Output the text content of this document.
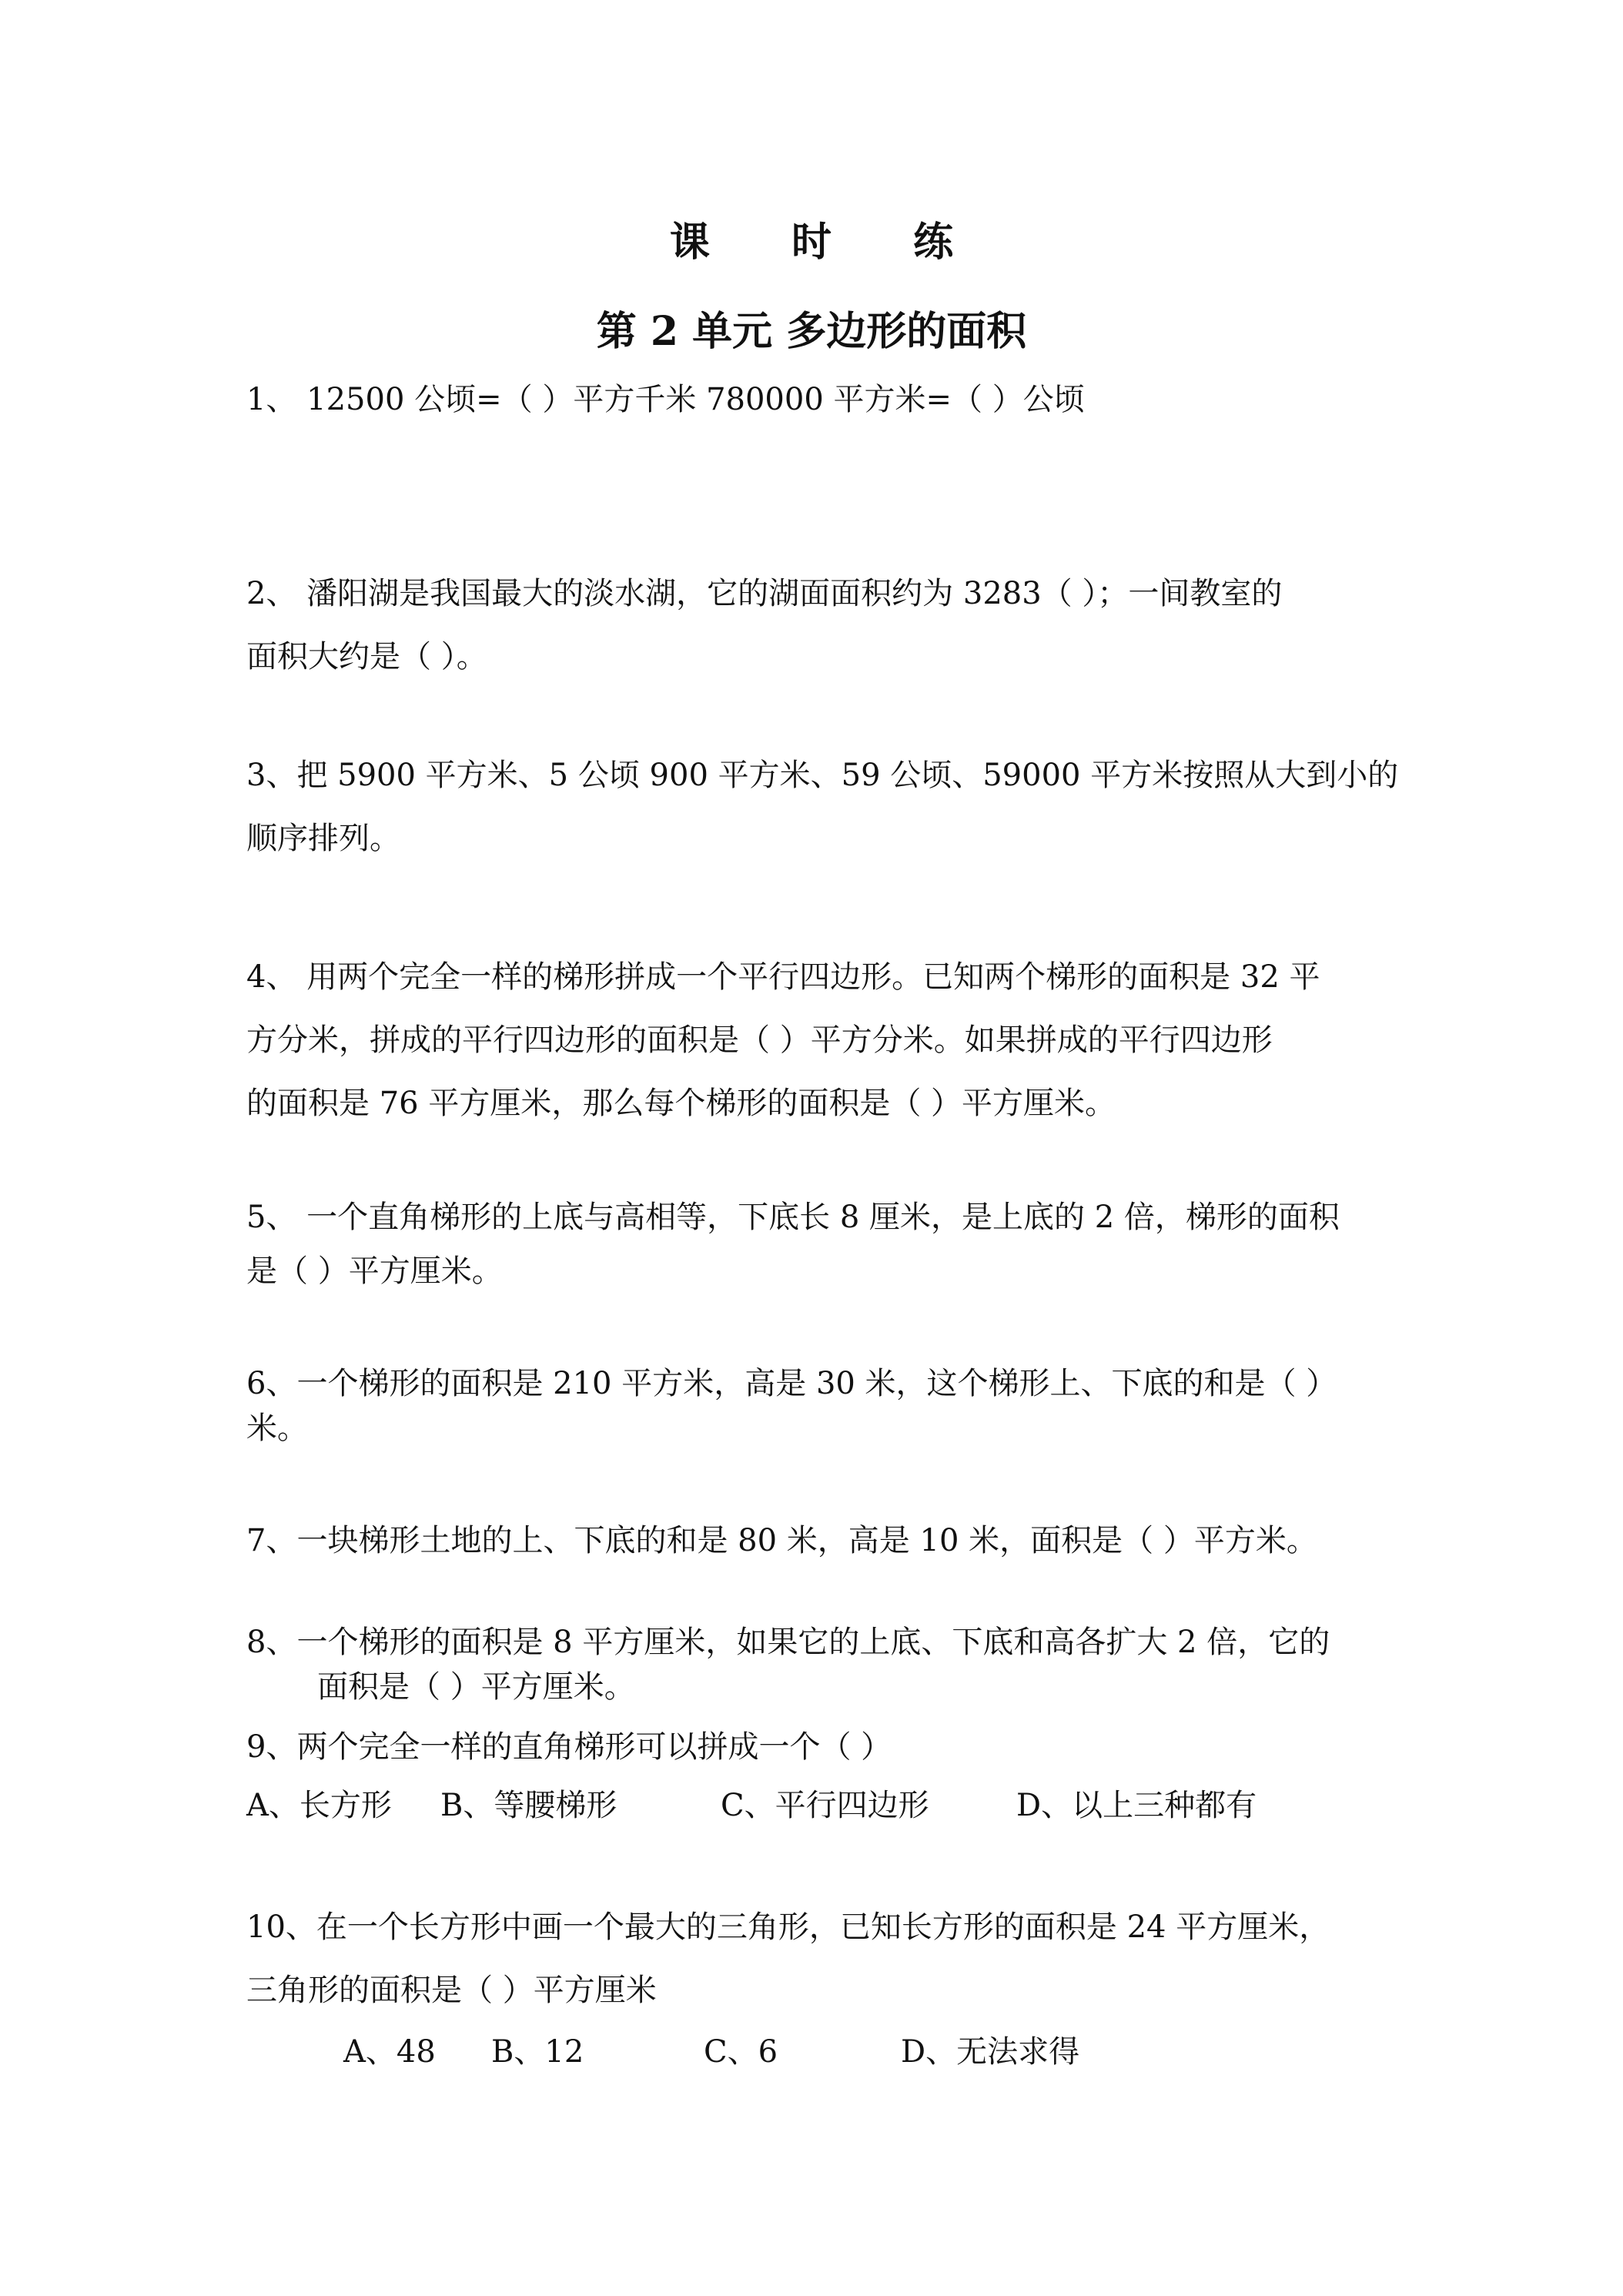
课 时 练
第 2 单元 多边形的面积
1、 12500 公顷=（ ）平方千米 780000 平方米=（ ）公顷
2、 潘阳湖是我国最大的淡水湖，它的湖面面积约为 3283（ ）；一间教室的
面积大约是（ ）。
3、把 5900 平方米、5 公顷 900 平方米、59 公顷、59000 平方米按照从大到小的
顺序排列。
4、 用两个完全一样的梯形拼成一个平行四边形。已知两个梯形的面积是 32 平
方分米，拼成的平行四边形的面积是（ ）平方分米。如果拼成的平行四边形
的面积是 76 平方厘米，那么每个梯形的面积是（ ）平方厘米。
5、 一个直角梯形的上底与高相等，下底长 8 厘米，是上底的 2 倍，梯形的面积
是（ ）平方厘米。
6、一个梯形的面积是 210 平方米，高是 30 米，这个梯形上、下底的和是（ ）
米。
7、一块梯形土地的上、下底的和是 80 米，高是 10 米，面积是（ ）平方米。
8、一个梯形的面积是 8 平方厘米，如果它的上底、下底和高各扩大 2 倍，它的
面积是（ ）平方厘米。
9、两个完全一样的直角梯形可以拼成一个（ ）
A、长方形 B、等腰梯形	C、平行四边形	D、以上三种都有
10、在一个长方形中画一个最大的三角形，已知长方形的面积是 24 平方厘米，
三角形的面积是（ ）平方厘米
A、48 B、12	C、6	D、无法求得
